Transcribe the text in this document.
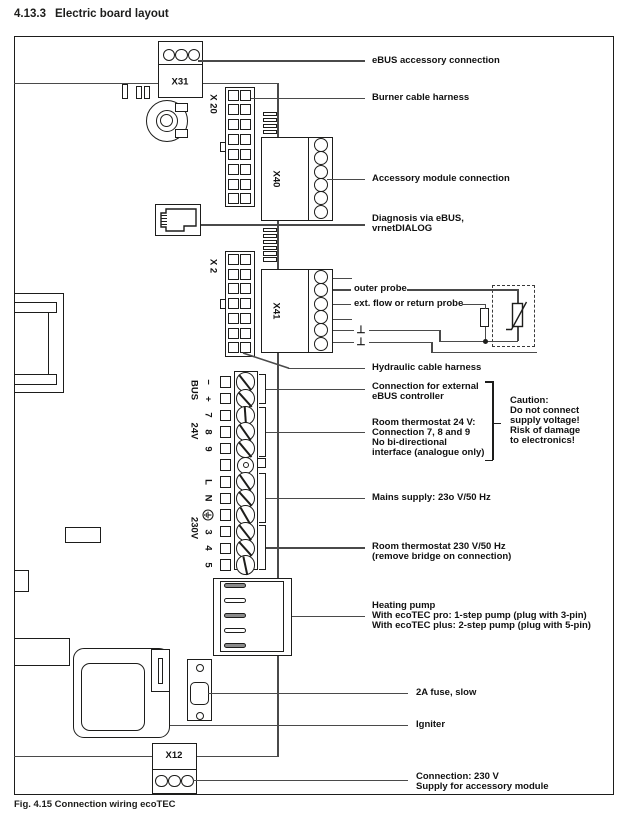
4.13.3 Electric board layout
X31
X 20
X40
X 2
X41
BUS
24V
230V
X12
⊥
⊥
eBUS accessory connection
Burner cable harness
Accessory module connection
Diagnosis via eBUS,
vrnetDIALOG
outer probe
ext. flow or return probe
Hydraulic cable harness
Connection for external
eBUS controller
Room thermostat 24 V:
Connection 7, 8 and 9
No bi-directional
interface (analogue only)
Caution:
Do not connect
supply voltage!
Risk of damage
to electronics!
Mains supply: 23o V/50 Hz
Room thermostat 230 V/50 Hz
(remove bridge on connection)
Heating pump
With ecoTEC pro: 1-step pump (plug with 3-pin)
With ecoTEC plus: 2-step pump (plug with 5-pin)
2A fuse, slow
Igniter
Connection: 230 V
Supply for accessory module
Fig. 4.15 Connection wiring ecoTEC
−
+
7
8
9
L
N
3
4
5
